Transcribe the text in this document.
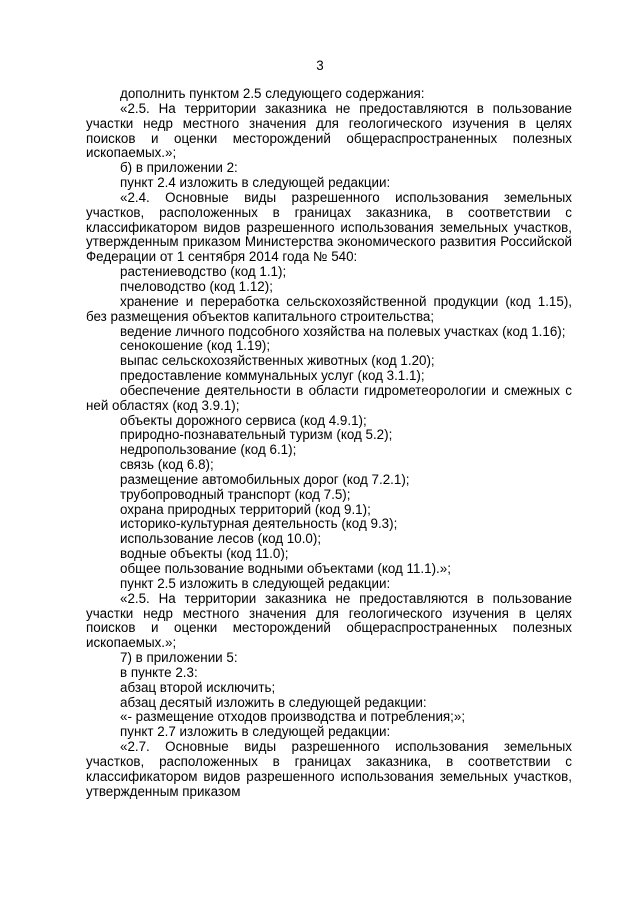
3

дополнить пунктом 2.5 следующего содержания:

«2.5. На территории заказника не предоставляются в пользование участки недр местного значения для геологического изучения в целях поисков и оценки месторождений общераспространенных полезных ископаемых.»;

б) в приложении 2:

пункт 2.4 изложить в следующей редакции:

«2.4. Основные виды разрешенного использования земельных участков, расположенных в границах заказника, в соответствии с классификатором видов разрешенного использования земельных участков, утвержденным приказом Министерства экономического развития Российской Федерации от 1 сентября 2014 года № 540:

растениеводство (код 1.1);

пчеловодство (код 1.12);

хранение и переработка сельскохозяйственной продукции (код 1.15), без размещения объектов капитального строительства;

ведение личного подсобного хозяйства на полевых участках (код 1.16);

сенокошение (код 1.19);

выпас сельскохозяйственных животных (код 1.20);

предоставление коммунальных услуг (код 3.1.1);

обеспечение деятельности в области гидрометеорологии и смежных с ней областях (код 3.9.1);

объекты дорожного сервиса (код 4.9.1);

природно-познавательный туризм (код 5.2);

недропользование (код 6.1);

связь (код 6.8);

размещение автомобильных дорог (код 7.2.1);

трубопроводный транспорт (код 7.5);

охрана природных территорий (код 9.1);

историко-культурная деятельность (код 9.3);

использование лесов (код 10.0);

водные объекты (код 11.0);

общее пользование водными объектами (код 11.1).»;

пункт 2.5 изложить в следующей редакции:

«2.5. На территории заказника не предоставляются в пользование участки недр местного значения для геологического изучения в целях поисков и оценки месторождений общераспространенных полезных ископаемых.»;

7) в приложении 5:

в пункте 2.3:

абзац второй исключить;

абзац десятый изложить в следующей редакции:

«- размещение отходов производства и потребления;»;

пункт 2.7 изложить в следующей редакции:

«2.7. Основные виды разрешенного использования земельных участков, расположенных в границах заказника, в соответствии с классификатором видов разрешенного использования земельных участков, утвержденным приказом
